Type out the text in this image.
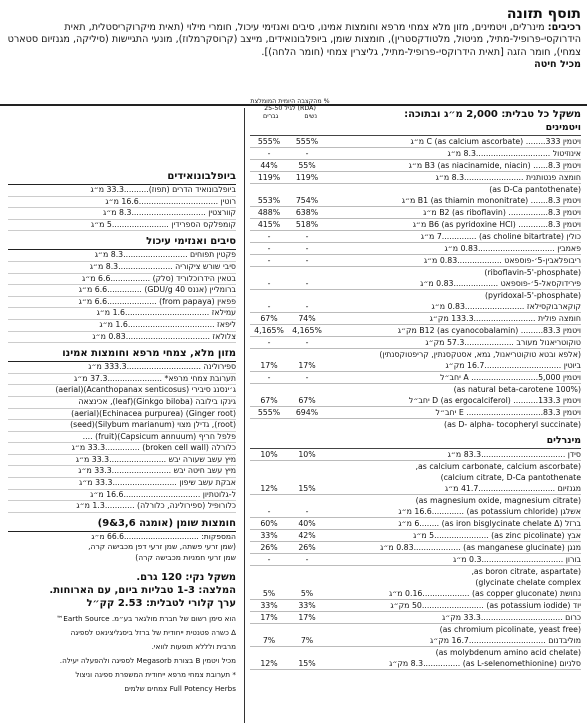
תוסף תזונה
רכיבים: מינרלים, ויטמינים, מזון מלא צמחי מרפא וחומצות אמינו, סיבים ואנזימי עיכול, חומרי מילוי (תאית מיקרוקריסטלית, תאית הידרוקסי-פרופיל-מתיל, מניטול, מלטודקסטרין), חומצות שומן, ביופלבונואידים, מייצב (קרוסקרמלוז), מונעי התגיישות (סיליקה, מגנזיום סטארט צמחי), חומר הזגה [תאית הידרוקסי-פרופיל-מתיל, גליצרין צמחי (חומר הלחה)].
מכיל חיטה
% מהקצבה היומית המומלצת (RDA) לגיל 25-50
נשים
גברים	משקל כל טבלית: 2,000 מ״ג ובתוכה:
ויטמינים
555%	555%	ויטמין C (as calcium ascorbate) ........333 מ״ג
-	-	אינוזיטול ..............................8.3 מ״ג
44%	55%	ויטמין B3 (as niacinamide, niacin) ......8.3 מ״ג
119%	119%	חומצה פנטותנית ........................8.3 מ״ג
(as D-Ca pantothenate)
553%	754%	ויטמין B1 (as thiamin mononitrate) .......8.3 מ״ג
488%	638%	ויטמין B2 (as riboflavin) ................8.3 מ״ג
415%	518%	ויטמין B6 (as pyridoxine HCl) ............8.3 מ״ג
-	-	כולין (as choline bitartrate) ..............7 מ״ג
-	-	פאמבין ...............................0.83 מ״ג
-	-	ריבופלאבין-5׳-פוספאט ..................0.83 מ״ג
(riboflavin-5'-phosphate)
-	-	פירידוקסאל-5׳-פוספאט ..................0.83 מ״ג
(pyridoxal-5'-phosphate)
-	-	קוקארבוקסילאז ........................0.83 מ״ג
67%	74%	חומצה פולית .........................133.3 מק״ג
4,165%	4,165%	ויטמין B12 (as cyanocobalamin) .........83.3 מק״ג
-	-	טוקוטריאנול מעורב ....................57.3 מק״ג
(אלפא ובטא טוקוטריאנול, גמא, אסטקסנתין, קריפטוקסנתין)
17%	17%	ביוטין ...............................16.7 מק״ג
-	-	ויטמין A ...........................5,000 יחב״ל
(100% as natural beta-carotene)
67%	67%	ויטמין D (as ergocalciferol) ..........133.3 יחב״ל
555%	694%	ויטמין E ...............................83.3 יחב״ל
(as D- alpha- tocopheryl succinate)
מינרלים
10%	10%	סידן ..................................83.3 מ״ג
(as calcium carbonate, calcium ascorbate,
calcium citrate, D-Ca pantothenate)
12%	15%	מגנזיום ...............................41.7 מ״ג
(as magnesium oxide, magnesium citrate)
-	-	אשלגן (as potassium chloride) .............16.6 מ״ג
60%	40%	ברזל (as iron bisglycinate chelate Δ) ........6 מ״ג
33%	42%	אבץ (as zinc picolinate) ......................5 מ״ג
26%	26%	מנגן (as manganese glucinate) ...................0.83 מ״ג
-	-	בורון .................................0.3 מ״ג
(as boron citrate, aspartate,
glycinate chelate complex)
5%	5%	נחושת (as copper gluconate) ...................0.16 מ״ג
33%	33%	יוד (as potassium iodide) .........................50 מק״ג
17%	17%	כרום .................................33.3 מק״ג
(as chromium picolinate, yeast free)
7%	7%	מוליבדנום ...............................16.7 מק״ג
(as molybdenum amino acid chelate)
12%	15%	סלניום (as L-selenomethionine) ...............8.3 מק״ג
ביופלבונואידים
ביופלבונואיד הדרים (תפוז)..........33.3 מ״ג
רוטין ................................16.6 מ״ג
קוורצטין ..............................8.3 מ״ג
קומפלקס הספרידין .......................5 מ״ג
סיבים ואנזימי עיכול
פקטין תפוחים ..........................8.3 מ״ג
סיבי שורש ציקוריה ......................8.3 מ״ג
בטאין הידרוכלוריד (סלק) ................6.6 מ״ג
ברומליין (אננס 40 GDU/g) ..............6.6 מ״ג
פפאין (from papaya) ....................6.6 מ״ג
עמילאז ..................................1.6 מ״ג
ליפאז ...................................1.6 מ״ג
צלולאז ..................................0.83 מ״ג
מזון מלא, צמחי מרפא וחומצות אמינו
ספירולינה ..............................333.3 מ״ג
תערובת צמחי מרפא* ......................37.3 מ״ג
ג׳ינסנג סיבירי (Acanthopanax senticosus)(aerial)
גינקו בילובה (Ginkgo biloba)(leaf), אכינצאה
(Ginger root) (Echinacea purpurea)(aerial)
(root), גדילן מצוי (Silybum marianum)(seed)
פלפל חריף (Capsicum annuum)(fruit) ....
כלורלה (broken cell wall) ..............33.3 מ״ג
מיץ עשב שעורה יבש .......................33.3 מ״ג
מיץ עשב חיטה יבש ........................33.3 מ״ג
אבקת עשב שיפון ..........................33.3 מ״ג
ל-גלוטתיון ...............................16.6 מ״ג
כלורופיל (ספירולינה, כלורלה) ............1.3 מ״ג
חומצות שומן (אומגה 3,6&9)
המספקות: ...............................66.6 מ״ג
(שמן זרעי פשתה, שמן זרעי דפן מכבישה קרה,
שמן זרעי חמניות מכבישה קרה)
משקל נקי: 120 גרם.
המלצה: 1-3 טבליות ביום, עם הארוחות.
ערך קלורי לטבלית: 2.53 קק״ל
הוא סימן רשום של חברת מולגאר בע״מ. Earth Source™
∆ כשרה פטנטית ייחודית של ברזל ביסגליצינאט לספיגה
מרבית ולללא תופעות לוואי.
מכיל ויטמין B בצורת Megasorb לספיגה ולהפעלה יעילה.
* תערובת צמחי מרפא ייחודית המשפרת ספיגה וניצול
Full Potency Herbs צמחים שלמים
